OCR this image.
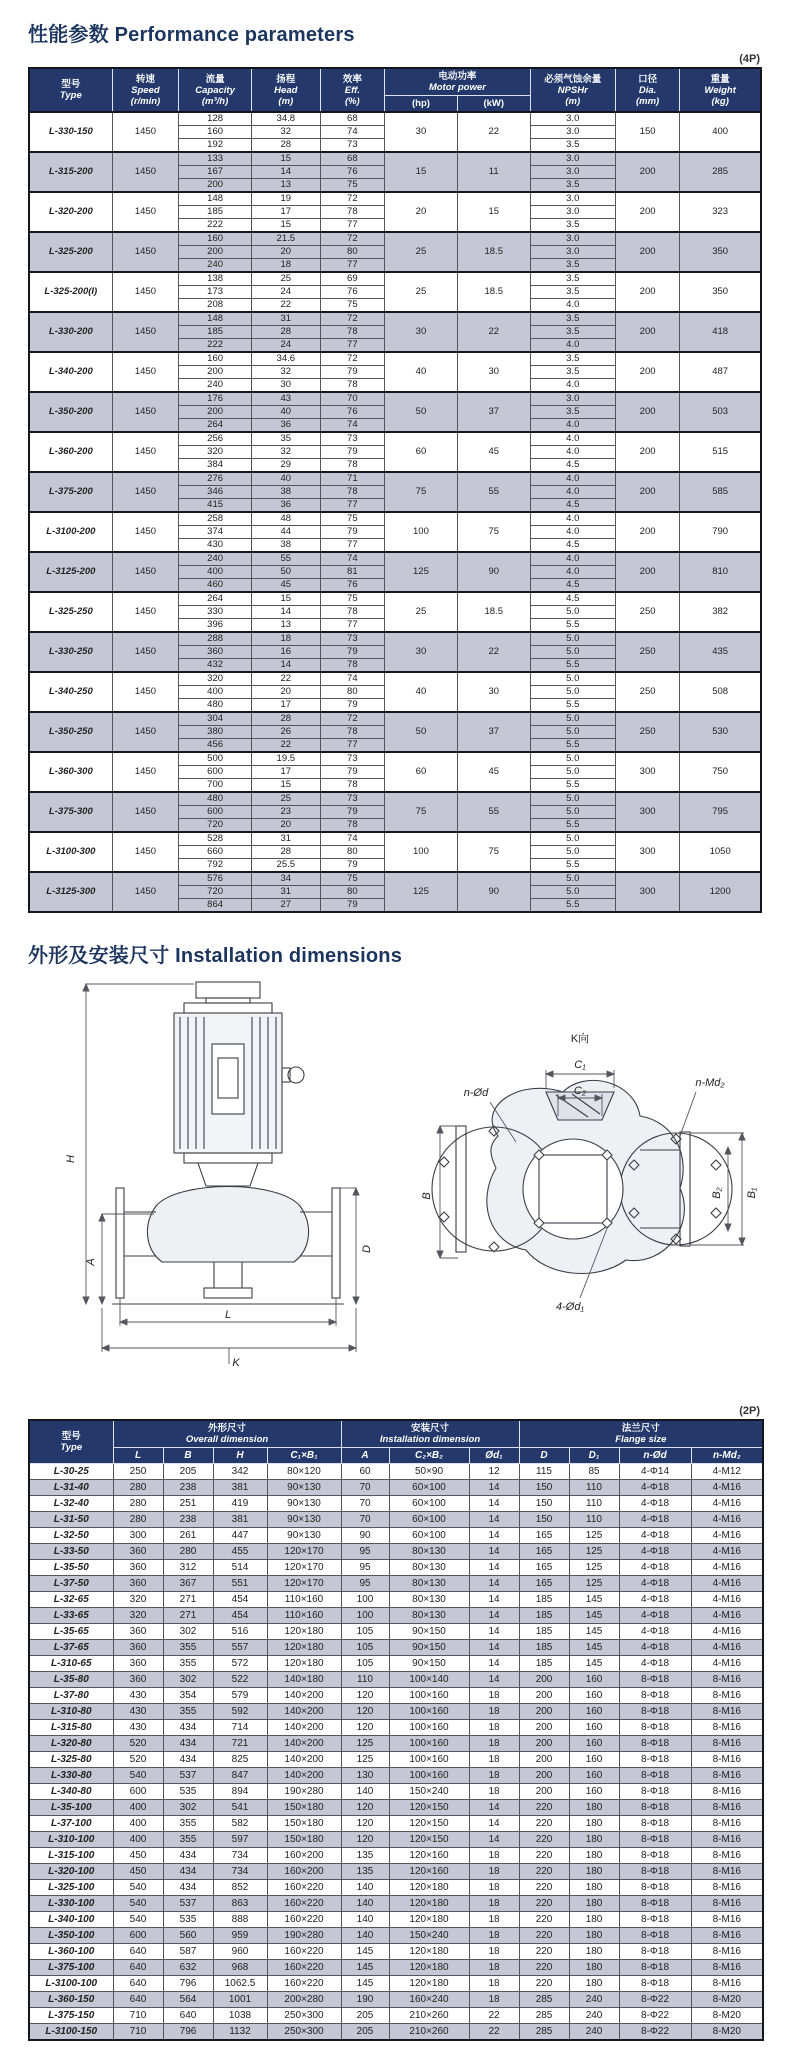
性能参数 Performance parameters
(4P)
型号
Type	转速
Speed
(r/min)	流量
Capacity
(m³/h)	扬程
Head
(m)	效率
Eff.
(%)	电动功率
Motor power		必须气蚀余量
NPSHr
(m)	口径
Dia.
(mm)	重量
Weight
(kg)

					(hp)	(kW)			
L-330-150	1450	128	34.8	68	30	22	3.0	150	400
		160	32	74			3.0		
		192	28	73			3.5		
L-315-200	1450	133	15	68	15	11	3.0	200	285
		167	14	76			3.0		
		200	13	75			3.5		
L-320-200	1450	148	19	72	20	15	3.0	200	323
		185	17	78			3.0		
		222	15	77			3.5		
L-325-200	1450	160	21.5	72	25	18.5	3.0	200	350
		200	20	80			3.0		
		240	18	77			3.5		
L-325-200(I)	1450	138	25	69	25	18.5	3.5	200	350
		173	24	76			3.5		
		208	22	75			4.0		
L-330-200	1450	148	31	72	30	22	3.5	200	418
		185	28	78			3.5		
		222	24	77			4.0		
L-340-200	1450	160	34.6	72	40	30	3.5	200	487
		200	32	79			3.5		
		240	30	78			4.0		
L-350-200	1450	176	43	70	50	37	3.0	200	503
		200	40	76			3.5		
		264	36	74			4.0		
L-360-200	1450	256	35	73	60	45	4.0	200	515
		320	32	79			4.0		
		384	29	78			4.5		
L-375-200	1450	276	40	71	75	55	4.0	200	585
		346	38	78			4.0		
		415	36	77			4.5		
L-3100-200	1450	258	48	75	100	75	4.0	200	790
		374	44	79			4.0		
		430	38	77			4.5		
L-3125-200	1450	240	55	74	125	90	4.0	200	810
		400	50	81			4.0		
		460	45	76			4.5		
L-325-250	1450	264	15	75	25	18.5	4.5	250	382
		330	14	78			5.0		
		396	13	77			5.5		
L-330-250	1450	288	18	73	30	22	5.0	250	435
		360	16	79			5.0		
		432	14	78			5.5		
L-340-250	1450	320	22	74	40	30	5.0	250	508
		400	20	80			5.0		
		480	17	79			5.5		
L-350-250	1450	304	28	72	50	37	5.0	250	530
		380	26	78			5.0		
		456	22	77			5.5		
L-360-300	1450	500	19.5	73	60	45	5.0	300	750
		600	17	79			5.0		
		700	15	78			5.5		
L-375-300	1450	480	25	73	75	55	5.0	300	795
		600	23	79			5.0		
		720	20	78			5.5		
L-3100-300	1450	528	31	74	100	75	5.0	300	1050
		660	28	80			5.0		
		792	25.5	79			5.5		
L-3125-300	1450	576	34	75	125	90	5.0	300	1200
		720	31	80			5.0		
		864	27	79			5.5		
外形及安装尺寸 Installation dimensions
H
A
D
L
K
K向
C₁
C₂
n-Ød
n-Md₂
B	B₁
B₂
4-Ød₁
(2P)
型号
Type	外形尺寸
Overall dimension				安装尺寸
Installation dimension			法兰尺寸
Flange size			

	L	B	H	C₁×B₁	A	C₂×B₂	Ød₁	D	D₁	n-Ød	n-Md₂
L-30-25	250	205	342	80×120	60	50×90	12	115	85	4-Φ14	4-M12
L-31-40	280	238	381	90×130	70	60×100	14	150	110	4-Φ18	4-M16
L-32-40	280	251	419	90×130	70	60×100	14	150	110	4-Φ18	4-M16
L-31-50	280	238	381	90×130	70	60×100	14	150	110	4-Φ18	4-M16
L-32-50	300	261	447	90×130	90	60×100	14	165	125	4-Φ18	4-M16
L-33-50	360	280	455	120×170	95	80×130	14	165	125	4-Φ18	4-M16
L-35-50	360	312	514	120×170	95	80×130	14	165	125	4-Φ18	4-M16
L-37-50	360	367	551	120×170	95	80×130	14	165	125	4-Φ18	4-M16
L-32-65	320	271	454	110×160	100	80×130	14	185	145	4-Φ18	4-M16
L-33-65	320	271	454	110×160	100	80×130	14	185	145	4-Φ18	4-M16
L-35-65	360	302	516	120×180	105	90×150	14	185	145	4-Φ18	4-M16
L-37-65	360	355	557	120×180	105	90×150	14	185	145	4-Φ18	4-M16
L-310-65	360	355	572	120×180	105	90×150	14	185	145	4-Φ18	4-M16
L-35-80	360	302	522	140×180	110	100×140	14	200	160	8-Φ18	8-M16
L-37-80	430	354	579	140×200	120	100×160	18	200	160	8-Φ18	8-M16
L-310-80	430	355	592	140×200	120	100×160	18	200	160	8-Φ18	8-M16
L-315-80	430	434	714	140×200	120	100×160	18	200	160	8-Φ18	8-M16
L-320-80	520	434	721	140×200	125	100×160	18	200	160	8-Φ18	8-M16
L-325-80	520	434	825	140×200	125	100×160	18	200	160	8-Φ18	8-M16
L-330-80	540	537	847	140×200	130	100×160	18	200	160	8-Φ18	8-M16
L-340-80	600	535	894	190×280	140	150×240	18	200	160	8-Φ18	8-M16
L-35-100	400	302	541	150×180	120	120×150	14	220	180	8-Φ18	8-M16
L-37-100	400	355	582	150×180	120	120×150	14	220	180	8-Φ18	8-M16
L-310-100	400	355	597	150×180	120	120×150	14	220	180	8-Φ18	8-M16
L-315-100	450	434	734	160×200	135	120×160	18	220	180	8-Φ18	8-M16
L-320-100	450	434	734	160×200	135	120×160	18	220	180	8-Φ18	8-M16
L-325-100	540	434	852	160×220	140	120×180	18	220	180	8-Φ18	8-M16
L-330-100	540	537	863	160×220	140	120×180	18	220	180	8-Φ18	8-M16
L-340-100	540	535	888	160×220	140	120×180	18	220	180	8-Φ18	8-M16
L-350-100	600	560	959	190×280	140	150×240	18	220	180	8-Φ18	8-M16
L-360-100	640	587	960	160×220	145	120×180	18	220	180	8-Φ18	8-M16
L-375-100	640	632	968	160×220	145	120×180	18	220	180	8-Φ18	8-M16
L-3100-100	640	796	1062.5	160×220	145	120×180	18	220	180	8-Φ18	8-M16
L-360-150	640	564	1001	200×280	190	160×240	18	285	240	8-Φ22	8-M20
L-375-150	710	640	1038	250×300	205	210×260	22	285	240	8-Φ22	8-M20
L-3100-150	710	796	1132	250×300	205	210×260	22	285	240	8-Φ22	8-M20
